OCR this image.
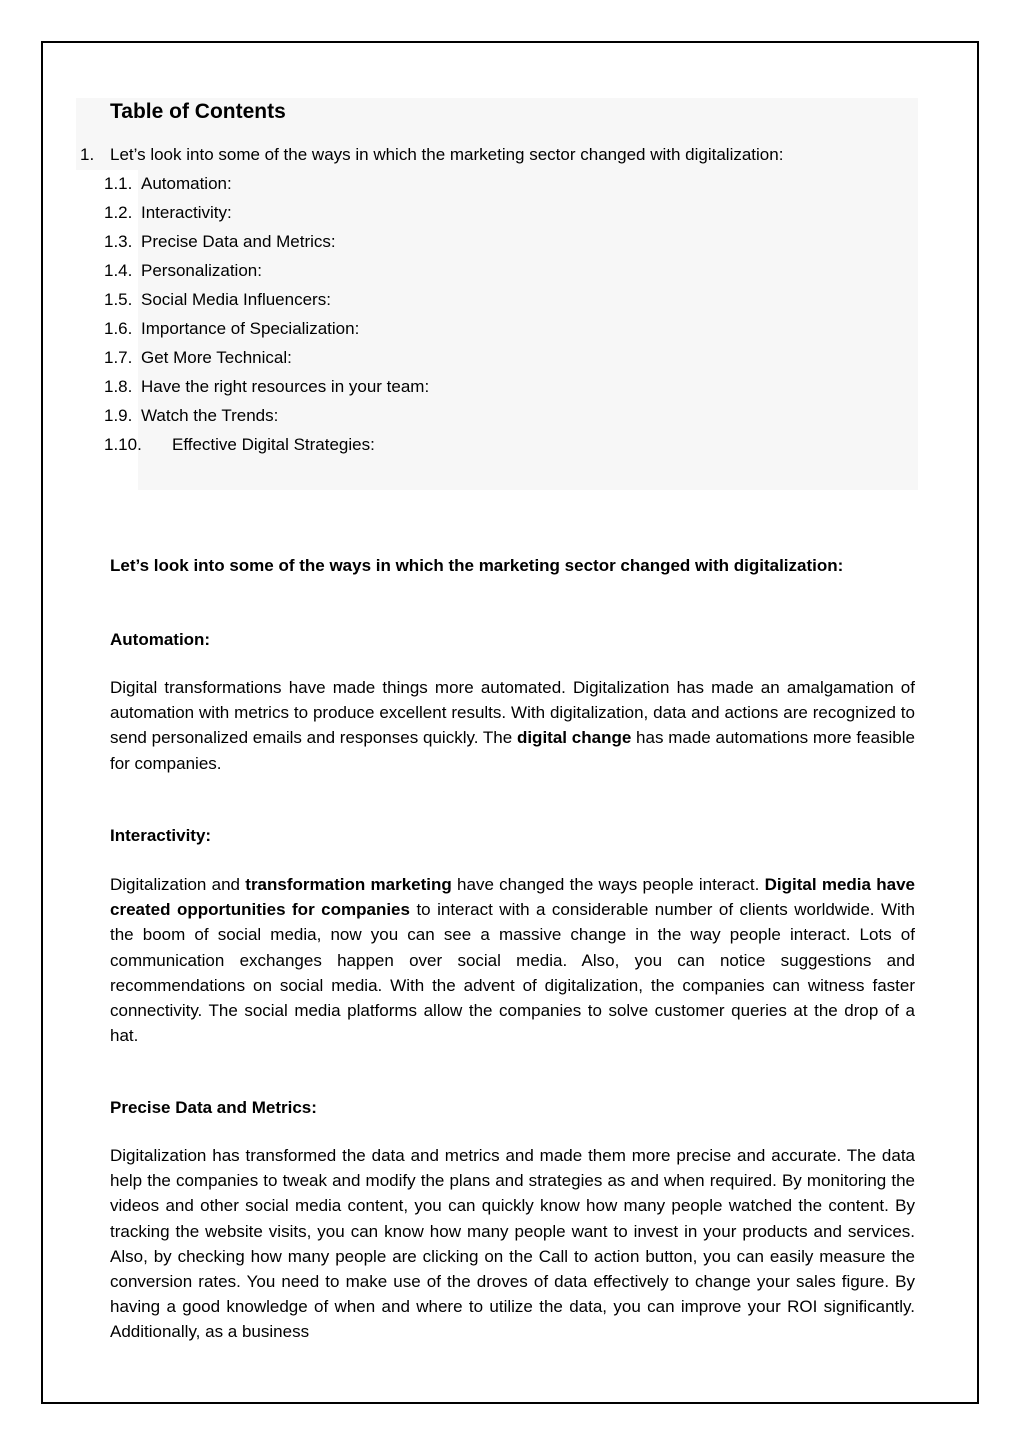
Table of Contents
1. Let’s look into some of the ways in which the marketing sector changed with digitalization:
1.1. Automation:
1.2. Interactivity:
1.3. Precise Data and Metrics:
1.4. Personalization:
1.5. Social Media Influencers:
1.6. Importance of Specialization:
1.7. Get More Technical:
1.8. Have the right resources in your team:
1.9. Watch the Trends:
1.10. Effective Digital Strategies:
Let’s look into some of the ways in which the marketing sector changed with digitalization:
Automation:

Digital transformations have made things more automated. Digitalization has made an amalgamation of automation with metrics to produce excellent results. With digitalization, data and actions are recognized to send personalized emails and responses quickly. The digital change has made automations more feasible for companies.

Interactivity:

Digitalization and transformation marketing have changed the ways people interact. Digital media have created opportunities for companies to interact with a considerable number of clients worldwide. With the boom of social media, now you can see a massive change in the way people interact. Lots of communication exchanges happen over social media. Also, you can notice suggestions and recommendations on social media. With the advent of digitalization, the companies can witness faster connectivity. The social media platforms allow the companies to solve customer queries at the drop of a hat.

Precise Data and Metrics:

Digitalization has transformed the data and metrics and made them more precise and accurate. The data help the companies to tweak and modify the plans and strategies as and when required. By monitoring the videos and other social media content, you can quickly know how many people watched the content. By tracking the website visits, you can know how many people want to invest in your products and services. Also, by checking how many people are clicking on the Call to action button, you can easily measure the conversion rates. You need to make use of the droves of data effectively to change your sales figure. By having a good knowledge of when and where to utilize the data, you can improve your ROI significantly. Additionally, as a business
